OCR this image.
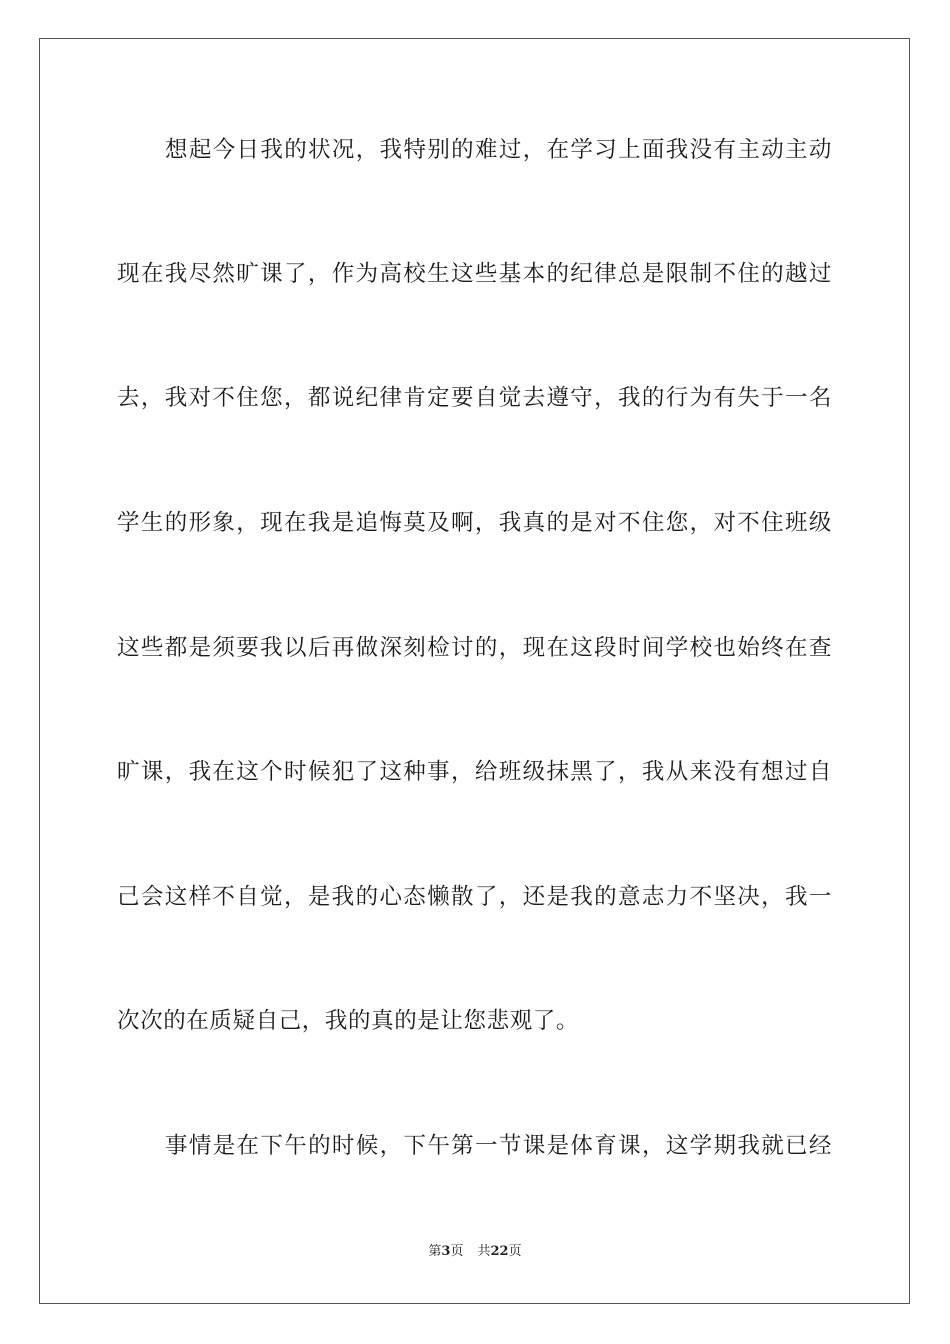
想起今日我的状况，我特别的难过，在学习上面我没有主动主动
现在我尽然旷课了，作为高校生这些基本的纪律总是限制不住的越过
去，我对不住您，都说纪律肯定要自觉去遵守，我的行为有失于一名
学生的形象，现在我是追悔莫及啊，我真的是对不住您，对不住班级
这些都是须要我以后再做深刻检讨的，现在这段时间学校也始终在查
旷课，我在这个时候犯了这种事，给班级抹黑了，我从来没有想过自
己会这样不自觉，是我的心态懒散了，还是我的意志力不坚决，我一
次次的在质疑自己，我的真的是让您悲观了。
事情是在下午的时候，下午第一节课是体育课，这学期我就已经
第3页 共22页
